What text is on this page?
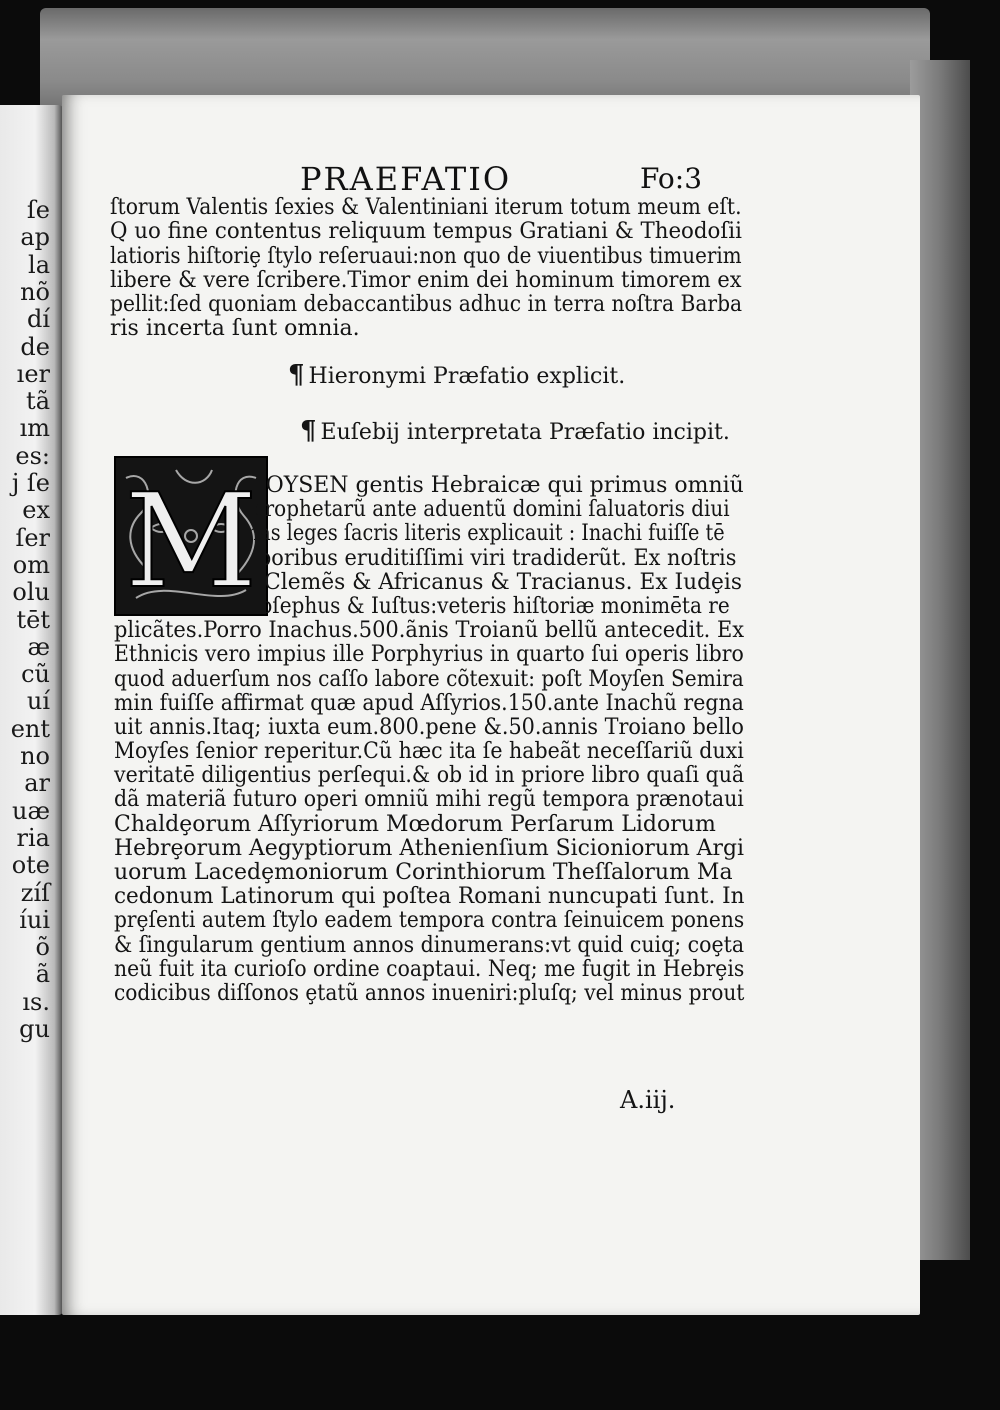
ſe
ap
la
nõ
dí
de
ıer
tã
ım
es:
j ſe
ex
ſer
om
olu
tēt
æ
cũ
uí
ent
no
ar
uæ
ria
ote
zíſ
íui
õ
ã
ıs.
gu
PRAEFATIO	Fo:3
ſtorum Valentis ſexies & Valentiniani iterum totum meum eſt.
Q uo fine contentus reliquum tempus Gratiani & Theodoſii
latioris hiſtoriȩ ſtylo reſeruaui:non quo de viuentibus timuerim
libere & vere ſcribere.Timor enim dei hominum timorem ex
pellit:ſed quoniam debaccantibus adhuc in terra noſtra Barba
ris incerta ſunt omnia.
¶ Hieronymi Præfatio explicit.
¶ Euſebij interpretata Præfatio incipit.
M OYSEN gentis Hebraicæ qui primus omniũ
prophetarũ ante aduentũ domini ſaluatoris diui
nas leges ſacris literis explicauit : Inachi fuiſſe tē
poribus eruditiſſimi viri tradiderũt. Ex noſtris
Clemẽs & Africanus & Tracianus. Ex Iudȩis
Ioſephus & Iuſtus:veteris hiſtoriæ monimēta re
plicãtes.Porro Inachus.500.ãnis Troianũ bellũ antecedit. Ex
Ethnicis vero impius ille Porphyrius in quarto ſui operis libro
quod aduerſum nos caſſo labore cõtexuit: poſt Moyſen Semira
min fuiſſe affirmat quæ apud Aſſyrios.150.ante Inachũ regna
uit annis.Itaq; iuxta eum.800.pene &.50.annis Troiano bello
Moyſes ſenior reperitur.Cũ hæc ita ſe habeãt neceſſariũ duxi
veritatē diligentius perſequi.& ob id in priore libro quaſi quã
dã materiã futuro operi omniũ mihi regũ tempora prænotaui
Chaldȩorum Aſſyriorum Mœdorum Perſarum Lidorum
Hebrȩorum Aegyptiorum Athenienſium Sicioniorum Argi
uorum Lacedȩmoniorum Corinthiorum Theſſalorum Ma
cedonum Latinorum qui poſtea Romani nuncupati ſunt. In
prȩſenti autem ſtylo eadem tempora contra ſeinuicem ponens
& ſingularum gentium annos dinumerans:vt quid cuiq; coȩta
neũ fuit ita curioſo ordine coaptaui. Neq; me fugit in Hebrȩis
codicibus diſſonos ȩtatũ annos inueniri:pluſq; vel minus prout
A.iij.
